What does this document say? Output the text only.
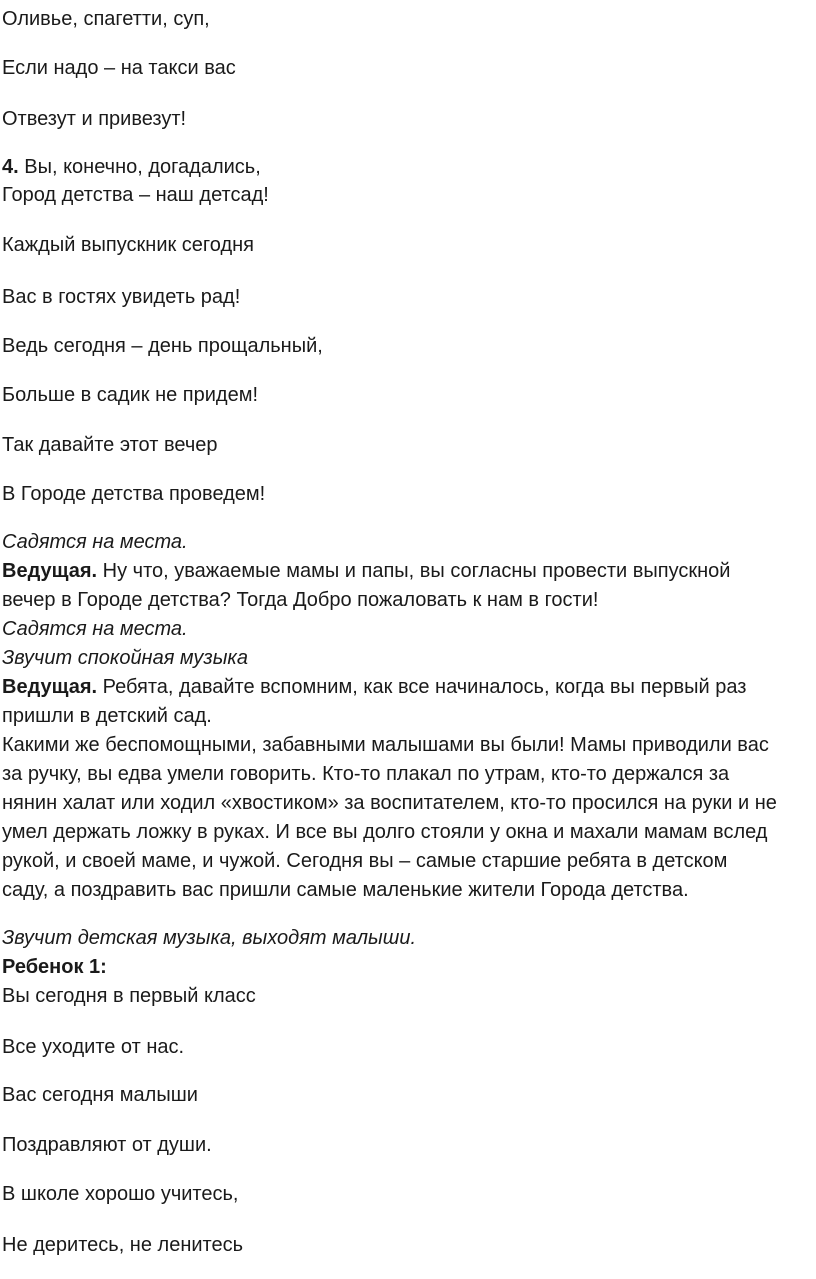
Оливье, спагетти, суп,
Если надо – на такси вас
Отвезут и привезут!
4. Вы, конечно, догадались,
Город детства – наш детсад!
Каждый выпускник сегодня
Вас в гостях увидеть рад!
Ведь сегодня – день прощальный,
Больше в садик не придем!
Так давайте этот вечер
В Городе детства проведем!
Садятся на места.
Ведущая. Ну что, уважаемые мамы и папы, вы согласны провести выпускной
вечер в Городе детства? Тогда Добро пожаловать к нам в гости!
Садятся на места.
Звучит спокойная музыка
Ведущая. Ребята, давайте вспомним, как все начиналось, когда вы первый раз
пришли в детский сад.
Какими же беспомощными, забавными малышами вы были! Мамы приводили вас
за ручку, вы едва умели говорить. Кто-то плакал по утрам, кто-то держался за
нянин халат или ходил «хвостиком» за воспитателем, кто-то просился на руки и не
умел держать ложку в руках. И все вы долго стояли у окна и махали мамам вслед
рукой, и своей маме, и чужой. Сегодня вы – самые старшие ребята в детском
саду, а поздравить вас пришли самые маленькие жители Города детства.
Звучит детская музыка, выходят малыши.
Ребенок 1:
Вы сегодня в первый класс
Все уходите от нас.
Вас сегодня малыши
Поздравляют от души.
В школе хорошо учитесь,
Не деритесь, не ленитесь
